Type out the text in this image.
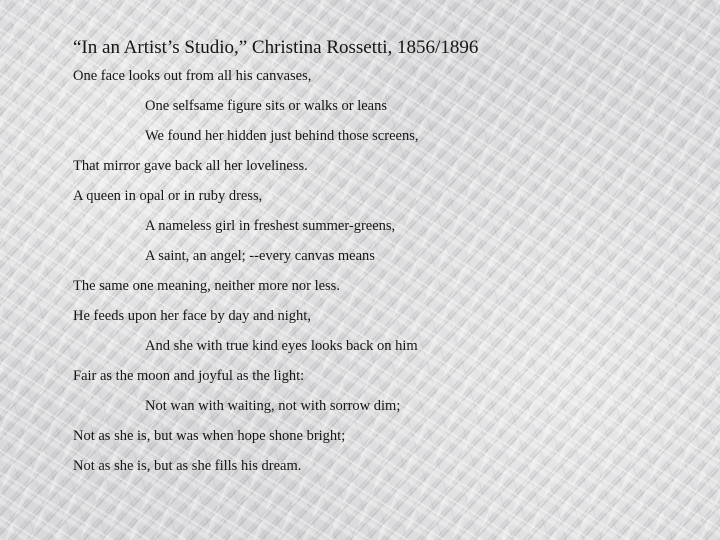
“In an Artist’s Studio,” Christina Rossetti, 1856/1896
One face looks out from all his canvases,
One selfsame figure sits or walks or leans
We found her hidden just behind those screens,
That mirror gave back all her loveliness.
A queen in opal or in ruby dress,
A nameless girl in freshest summer-greens,
A saint, an angel; --every canvas means
The same one meaning, neither more nor less.
He feeds upon her face by day and night,
And she with true kind eyes looks back on him
Fair as the moon and joyful as the light:
Not wan with waiting, not with sorrow dim;
Not as she is, but was when hope shone bright;
Not as she is, but as she fills his dream.
